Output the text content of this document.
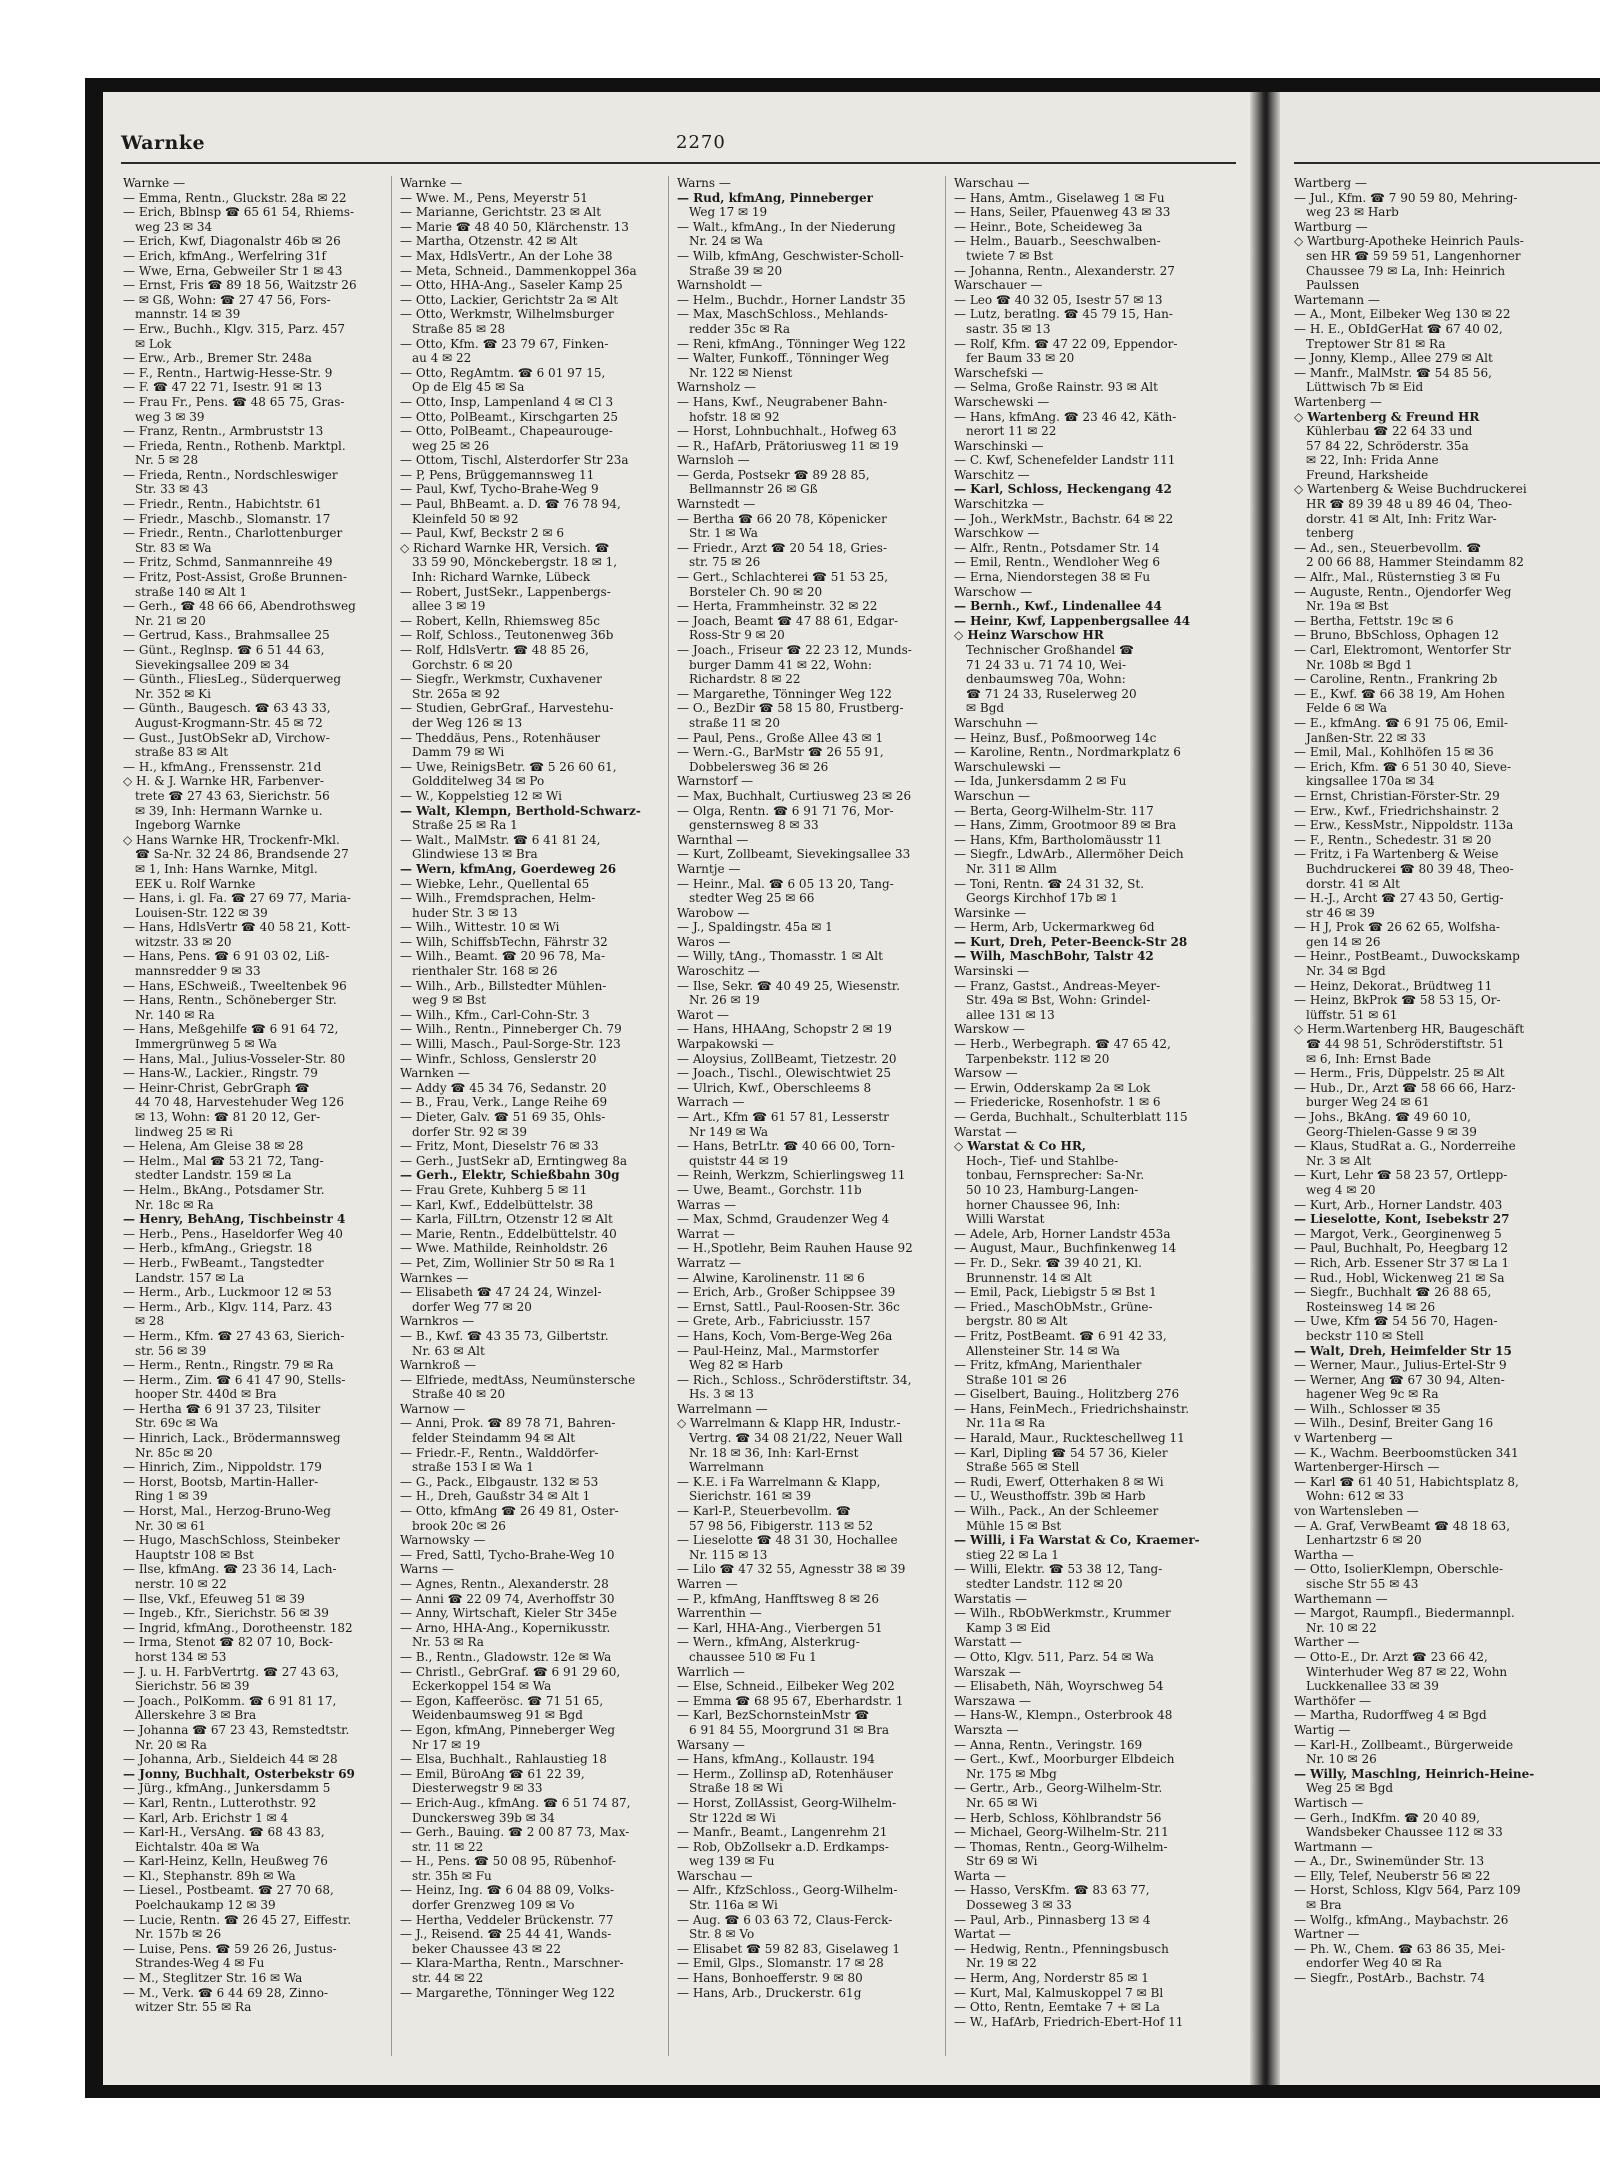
Warnke	2270
Warnke —
— Emma, Rentn., Gluckstr. 28a ✉ 22
— Erich, Bblnsp ☎ 65 61 54, Rhiems-
weg 23 ✉ 34
— Erich, Kwf, Diagonalstr 46b ✉ 26
— Erich, kfmAng., Werfelring 31f
— Wwe, Erna, Gebweiler Str 1 ✉ 43
— Ernst, Fris ☎ 89 18 56, Waitzstr 26
— ✉ Gß, Wohn: ☎ 27 47 56, Fors-
mannstr. 14 ✉ 39
— Erw., Buchh., Klgv. 315, Parz. 457
✉ Lok
— Erw., Arb., Bremer Str. 248a
— F., Rentn., Hartwig-Hesse-Str. 9
— F. ☎ 47 22 71, Isestr. 91 ✉ 13
— Frau Fr., Pens. ☎ 48 65 75, Gras-
weg 3 ✉ 39
— Franz, Rentn., Armbruststr 13
— Frieda, Rentn., Rothenb. Marktpl.
Nr. 5 ✉ 28
— Frieda, Rentn., Nordschleswiger
Str. 33 ✉ 43
— Friedr., Rentn., Habichtstr. 61
— Friedr., Maschb., Slomanstr. 17
— Friedr., Rentn., Charlottenburger
Str. 83 ✉ Wa
— Fritz, Schmd, Sanmannreihe 49
— Fritz, Post-Assist, Große Brunnen-
straße 140 ✉ Alt 1
— Gerh., ☎ 48 66 66, Abendrothsweg
Nr. 21 ✉ 20
— Gertrud, Kass., Brahmsallee 25
— Günt., Reglnsp. ☎ 6 51 44 63,
Sievekingsallee 209 ✉ 34
— Günth., FliesLeg., Süderquerweg
Nr. 352 ✉ Ki
— Günth., Baugesch. ☎ 63 43 33,
August-Krogmann-Str. 45 ✉ 72
— Gust., JustObSekr aD, Virchow-
straße 83 ✉ Alt
— H., kfmAng., Frenssenstr. 21d
◇ H. & J. Warnke HR, Farbenver-
trete ☎ 27 43 63, Sierichstr. 56
✉ 39, Inh: Hermann Warnke u.
Ingeborg Warnke
◇ Hans Warnke HR, Trockenfr-Mkl.
☎ Sa-Nr. 32 24 86, Brandsende 27
✉ 1, Inh: Hans Warnke, Mitgl.
EEK u. Rolf Warnke
— Hans, i. gl. Fa. ☎ 27 69 77, Maria-
Louisen-Str. 122 ✉ 39
— Hans, HdlsVertr ☎ 40 58 21, Kott-
witzstr. 33 ✉ 20
— Hans, Pens. ☎ 6 91 03 02, Liß-
mannsredder 9 ✉ 33
— Hans, ESchweiß., Tweeltenbek 96
— Hans, Rentn., Schöneberger Str.
Nr. 140 ✉ Ra
— Hans, Meßgehilfe ☎ 6 91 64 72,
Immergrünweg 5 ✉ Wa
— Hans, Mal., Julius-Vosseler-Str. 80
— Hans-W., Lackier., Ringstr. 79
— Heinr-Christ, GebrGraph ☎
44 70 48, Harvestehuder Weg 126
✉ 13, Wohn: ☎ 81 20 12, Ger-
lindweg 25 ✉ Ri
— Helena, Am Gleise 38 ✉ 28
— Helm., Mal ☎ 53 21 72, Tang-
stedter Landstr. 159 ✉ La
— Helm., BkAng., Potsdamer Str.
Nr. 18c ✉ Ra
— Henry, BehAng, Tischbeinstr 4
— Herb., Pens., Haseldorfer Weg 40
— Herb., kfmAng., Griegstr. 18
— Herb., FwBeamt., Tangstedter
Landstr. 157 ✉ La
— Herm., Arb., Luckmoor 12 ✉ 53
— Herm., Arb., Klgv. 114, Parz. 43
✉ 28
— Herm., Kfm. ☎ 27 43 63, Sierich-
str. 56 ✉ 39
— Herm., Rentn., Ringstr. 79 ✉ Ra
— Herm., Zim. ☎ 6 41 47 90, Stells-
hooper Str. 440d ✉ Bra
— Hertha ☎ 6 91 37 23, Tilsiter
Str. 69c ✉ Wa
— Hinrich, Lack., Brödermannsweg
Nr. 85c ✉ 20
— Hinrich, Zim., Nippoldstr. 179
— Horst, Bootsb, Martin-Haller-
Ring 1 ✉ 39
— Horst, Mal., Herzog-Bruno-Weg
Nr. 30 ✉ 61
— Hugo, MaschSchloss, Steinbeker
Hauptstr 108 ✉ Bst
— Ilse, kfmAng. ☎ 23 36 14, Lach-
nerstr. 10 ✉ 22
— Ilse, Vkf., Efeuweg 51 ✉ 39
— Ingeb., Kfr., Sierichstr. 56 ✉ 39
— Ingrid, kfmAng., Dorotheenstr. 182
— Irma, Stenot ☎ 82 07 10, Bock-
horst 134 ✉ 53
— J. u. H. FarbVertrtg. ☎ 27 43 63,
Sierichstr. 56 ✉ 39
— Joach., PolKomm. ☎ 6 91 81 17,
Allerskehre 3 ✉ Bra
— Johanna ☎ 67 23 43, Remstedtstr.
Nr. 20 ✉ Ra
— Johanna, Arb., Sieldeich 44 ✉ 28
— Jonny, Buchhalt, Osterbekstr 69
— Jürg., kfmAng., Junkersdamm 5
— Karl, Rentn., Lutterothstr. 92
— Karl, Arb. Erichstr 1 ✉ 4
— Karl-H., VersAng. ☎ 68 43 83,
Eichtalstr. 40a ✉ Wa
— Karl-Heinz, Kelln, Heußweg 76
— Kl., Stephanstr. 89h ✉ Wa
— Liesel., Postbeamt. ☎ 27 70 68,
Poelchaukamp 12 ✉ 39
— Lucie, Rentn. ☎ 26 45 27, Eiffestr.
Nr. 157b ✉ 26
— Luise, Pens. ☎ 59 26 26, Justus-
Strandes-Weg 4 ✉ Fu
— M., Steglitzer Str. 16 ✉ Wa
— M., Verk. ☎ 6 44 69 28, Zinno-
witzer Str. 55 ✉ Ra
Warnke —
— Wwe. M., Pens, Meyerstr 51
— Marianne, Gerichtstr. 23 ✉ Alt
— Marie ☎ 48 40 50, Klärchenstr. 13
— Martha, Otzenstr. 42 ✉ Alt
— Max, HdlsVertr., An der Lohe 38
— Meta, Schneid., Dammenkoppel 36a
— Otto, HHA-Ang., Saseler Kamp 25
— Otto, Lackier, Gerichtstr 2a ✉ Alt
— Otto, Werkmstr, Wilhelmsburger
Straße 85 ✉ 28
— Otto, Kfm. ☎ 23 79 67, Finken-
au 4 ✉ 22
— Otto, RegAmtm. ☎ 6 01 97 15,
Op de Elg 45 ✉ Sa
— Otto, Insp, Lampenland 4 ✉ Cl 3
— Otto, PolBeamt., Kirschgarten 25
— Otto, PolBeamt., Chapeaurouge-
weg 25 ✉ 26
— Ottom, Tischl, Alsterdorfer Str 23a
— P, Pens, Brüggemannsweg 11
— Paul, Kwf, Tycho-Brahe-Weg 9
— Paul, BhBeamt. a. D. ☎ 76 78 94,
Kleinfeld 50 ✉ 92
— Paul, Kwf, Beckstr 2 ✉ 6
◇ Richard Warnke HR, Versich. ☎
33 59 90, Mönckebergstr. 18 ✉ 1,
Inh: Richard Warnke, Lübeck
— Robert, JustSekr., Lappenbergs-
allee 3 ✉ 19
— Robert, Kelln, Rhiemsweg 85c
— Rolf, Schloss., Teutonenweg 36b
— Rolf, HdlsVertr. ☎ 48 85 26,
Gorchstr. 6 ✉ 20
— Siegfr., Werkmstr, Cuxhavener
Str. 265a ✉ 92
— Studien, GebrGraf., Harvestehu-
der Weg 126 ✉ 13
— Theddäus, Pens., Rotenhäuser
Damm 79 ✉ Wi
— Uwe, ReinigsBetr. ☎ 5 26 60 61,
Goldditelweg 34 ✉ Po
— W., Koppelstieg 12 ✉ Wi
— Walt, Klempn, Berthold-Schwarz-
Straße 25 ✉ Ra 1
— Walt., MalMstr. ☎ 6 41 81 24,
Glindwiese 13 ✉ Bra
— Wern, kfmAng, Goerdeweg 26
— Wiebke, Lehr., Quellental 65
— Wilh., Fremdsprachen, Helm-
huder Str. 3 ✉ 13
— Wilh., Wittestr. 10 ✉ Wi
— Wilh, SchiffsbTechn, Fährstr 32
— Wilh., Beamt. ☎ 20 96 78, Ma-
rienthaler Str. 168 ✉ 26
— Wilh., Arb., Billstedter Mühlen-
weg 9 ✉ Bst
— Wilh., Kfm., Carl-Cohn-Str. 3
— Wilh., Rentn., Pinneberger Ch. 79
— Willi, Masch., Paul-Sorge-Str. 123
— Winfr., Schloss, Genslerstr 20
Warnken —
— Addy ☎ 45 34 76, Sedanstr. 20
— B., Frau, Verk., Lange Reihe 69
— Dieter, Galv. ☎ 51 69 35, Ohls-
dorfer Str. 92 ✉ 39
— Fritz, Mont, Dieselstr 76 ✉ 33
— Gerh., JustSekr aD, Erntingweg 8a
— Gerh., Elektr, Schießbahn 30g
— Frau Grete, Kuhberg 5 ✉ 11
— Karl, Kwf., Eddelbüttelstr. 38
— Karla, FilLtrn, Otzenstr 12 ✉ Alt
— Marie, Rentn., Eddelbüttelstr. 40
— Wwe. Mathilde, Reinholdstr. 26
— Pet, Zim, Wollinier Str 50 ✉ Ra 1
Warnkes —
— Elisabeth ☎ 47 24 24, Winzel-
dorfer Weg 77 ✉ 20
Warnkros —
— B., Kwf. ☎ 43 35 73, Gilbertstr.
Nr. 63 ✉ Alt
Warnkroß —
— Elfriede, medtAss, Neumünstersche
Straße 40 ✉ 20
Warnow —
— Anni, Prok. ☎ 89 78 71, Bahren-
felder Steindamm 94 ✉ Alt
— Friedr.-F., Rentn., Walddörfer-
straße 153 I ✉ Wa 1
— G., Pack., Elbgaustr. 132 ✉ 53
— H., Dreh, Gaußstr 34 ✉ Alt 1
— Otto, kfmAng ☎ 26 49 81, Oster-
brook 20c ✉ 26
Warnowsky —
— Fred, Sattl, Tycho-Brahe-Weg 10
Warns —
— Agnes, Rentn., Alexanderstr. 28
— Anni ☎ 22 09 74, Averhoffstr 30
— Anny, Wirtschaft, Kieler Str 345e
— Arno, HHA-Ang., Kopernikusstr.
Nr. 53 ✉ Ra
— B., Rentn., Gladowstr. 12e ✉ Wa
— Christl., GebrGraf. ☎ 6 91 29 60,
Eckerkoppel 154 ✉ Wa
— Egon, Kaffeerösc. ☎ 71 51 65,
Weidenbaumsweg 91 ✉ Bgd
— Egon, kfmAng, Pinneberger Weg
Nr 17 ✉ 19
— Elsa, Buchhalt., Rahlaustieg 18
— Emil, BüroAng ☎ 61 22 39,
Diesterwegstr 9 ✉ 33
— Erich-Aug., kfmAng. ☎ 6 51 74 87,
Dunckersweg 39b ✉ 34
— Gerh., Bauing. ☎ 2 00 87 73, Max-
str. 11 ✉ 22
— H., Pens. ☎ 50 08 95, Rübenhof-
str. 35h ✉ Fu
— Heinz, Ing. ☎ 6 04 88 09, Volks-
dorfer Grenzweg 109 ✉ Vo
— Hertha, Veddeler Brückenstr. 77
— J., Reisend. ☎ 25 44 41, Wands-
beker Chaussee 43 ✉ 22
— Klara-Martha, Rentn., Marschner-
str. 44 ✉ 22
— Margarethe, Tönninger Weg 122
Warns —
— Rud, kfmAng, Pinneberger
Weg 17 ✉ 19
— Walt., kfmAng., In der Niederung
Nr. 24 ✉ Wa
— Wilb, kfmAng, Geschwister-Scholl-
Straße 39 ✉ 20
Warnsholdt —
— Helm., Buchdr., Horner Landstr 35
— Max, MaschSchloss., Mehlands-
redder 35c ✉ Ra
— Reni, kfmAng., Tönninger Weg 122
— Walter, Funkoff., Tönninger Weg
Nr. 122 ✉ Nienst
Warnsholz —
— Hans, Kwf., Neugrabener Bahn-
hofstr. 18 ✉ 92
— Horst, Lohnbuchhalt., Hofweg 63
— R., HafArb, Prätoriusweg 11 ✉ 19
Warnsloh —
— Gerda, Postsekr ☎ 89 28 85,
Bellmannstr 26 ✉ Gß
Warnstedt —
— Bertha ☎ 66 20 78, Köpenicker
Str. 1 ✉ Wa
— Friedr., Arzt ☎ 20 54 18, Gries-
str. 75 ✉ 26
— Gert., Schlachterei ☎ 51 53 25,
Borsteler Ch. 90 ✉ 20
— Herta, Frammheinstr. 32 ✉ 22
— Joach, Beamt ☎ 47 88 61, Edgar-
Ross-Str 9 ✉ 20
— Joach., Friseur ☎ 22 23 12, Munds-
burger Damm 41 ✉ 22, Wohn:
Richardstr. 8 ✉ 22
— Margarethe, Tönninger Weg 122
— O., BezDir ☎ 58 15 80, Frustberg-
straße 11 ✉ 20
— Paul, Pens., Große Allee 43 ✉ 1
— Wern.-G., BarMstr ☎ 26 55 91,
Dobbelersweg 36 ✉ 26
Warnstorf —
— Max, Buchhalt, Curtiusweg 23 ✉ 26
— Olga, Rentn. ☎ 6 91 71 76, Mor-
gensternsweg 8 ✉ 33
Warnthal —
— Kurt, Zollbeamt, Sievekingsallee 33
Warntje —
— Heinr., Mal. ☎ 6 05 13 20, Tang-
stedter Weg 25 ✉ 66
Warobow —
— J., Spaldingstr. 45a ✉ 1
Waros —
— Willy, tAng., Thomasstr. 1 ✉ Alt
Waroschitz —
— Ilse, Sekr. ☎ 40 49 25, Wiesenstr.
Nr. 26 ✉ 19
Warot —
— Hans, HHAAng, Schopstr 2 ✉ 19
Warpakowski —
— Aloysius, ZollBeamt, Tietzestr. 20
— Joach., Tischl., Olewischtwiet 25
— Ulrich, Kwf., Oberschleems 8
Warrach —
— Art., Kfm ☎ 61 57 81, Lesserstr
Nr 149 ✉ Wa
— Hans, BetrLtr. ☎ 40 66 00, Torn-
quiststr 44 ✉ 19
— Reinh, Werkzm, Schierlingsweg 11
— Uwe, Beamt., Gorchstr. 11b
Warras —
— Max, Schmd, Graudenzer Weg 4
Warrat —
— H.,Spotlehr, Beim Rauhen Hause 92
Warratz —
— Alwine, Karolinenstr. 11 ✉ 6
— Erich, Arb., Großer Schippsee 39
— Ernst, Sattl., Paul-Roosen-Str. 36c
— Grete, Arb., Fabriciusstr. 157
— Hans, Koch, Vom-Berge-Weg 26a
— Paul-Heinz, Mal., Marmstorfer
Weg 82 ✉ Harb
— Rich., Schloss., Schröderstiftstr. 34,
Hs. 3 ✉ 13
Warrelmann —
◇ Warrelmann & Klapp HR, Industr.-
Vertrg. ☎ 34 08 21/22, Neuer Wall
Nr. 18 ✉ 36, Inh: Karl-Ernst
Warrelmann
— K.E. i Fa Warrelmann & Klapp,
Sierichstr. 161 ✉ 39
— Karl-P., Steuerbevollm. ☎
57 98 56, Fibigerstr. 113 ✉ 52
— Lieselotte ☎ 48 31 30, Hochallee
Nr. 115 ✉ 13
— Lilo ☎ 47 32 55, Agnesstr 38 ✉ 39
Warren —
— P., kfmAng, Hanfftsweg 8 ✉ 26
Warrenthin —
— Karl, HHA-Ang., Vierbergen 51
— Wern., kfmAng, Alsterkrug-
chaussee 510 ✉ Fu 1
Warrlich —
— Else, Schneid., Eilbeker Weg 202
— Emma ☎ 68 95 67, Eberhardstr. 1
— Karl, BezSchornsteinMstr ☎
6 91 84 55, Moorgrund 31 ✉ Bra
Warsany —
— Hans, kfmAng., Kollaustr. 194
— Herm., Zollinsp aD, Rotenhäuser
Straße 18 ✉ Wi
— Horst, ZollAssist, Georg-Wilhelm-
Str 122d ✉ Wi
— Manfr., Beamt., Langenrehm 21
— Rob, ObZollsekr a.D. Erdkamps-
weg 139 ✉ Fu
Warschau —
— Alfr., KfzSchloss., Georg-Wilhelm-
Str. 116a ✉ Wi
— Aug. ☎ 6 03 63 72, Claus-Ferck-
Str. 8 ✉ Vo
— Elisabet ☎ 59 82 83, Giselaweg 1
— Emil, Glps., Slomanstr. 17 ✉ 28
— Hans, Bonhoefferstr. 9 ✉ 80
— Hans, Arb., Druckerstr. 61g
Warschau —
— Hans, Amtm., Giselaweg 1 ✉ Fu
— Hans, Seiler, Pfauenweg 43 ✉ 33
— Heinr., Bote, Scheideweg 3a
— Helm., Bauarb., Seeschwalben-
twiete 7 ✉ Bst
— Johanna, Rentn., Alexanderstr. 27
Warschauer —
— Leo ☎ 40 32 05, Isestr 57 ✉ 13
— Lutz, beratlng. ☎ 45 79 15, Han-
sastr. 35 ✉ 13
— Rolf, Kfm. ☎ 47 22 09, Eppendor-
fer Baum 33 ✉ 20
Warschefski —
— Selma, Große Rainstr. 93 ✉ Alt
Warschewski —
— Hans, kfmAng. ☎ 23 46 42, Käth-
nerort 11 ✉ 22
Warschinski —
— C. Kwf, Schenefelder Landstr 111
Warschitz —
— Karl, Schloss, Heckengang 42
Warschitzka —
— Joh., WerkMstr., Bachstr. 64 ✉ 22
Warschkow —
— Alfr., Rentn., Potsdamer Str. 14
— Emil, Rentn., Wendloher Weg 6
— Erna, Niendorstegen 38 ✉ Fu
Warschow —
— Bernh., Kwf., Lindenallee 44
— Heinr, Kwf, Lappenbergsallee 44
◇ Heinz Warschow HR
Technischer Großhandel ☎
71 24 33 u. 71 74 10, Wei-
denbaumsweg 70a, Wohn:
☎ 71 24 33, Ruselerweg 20
✉ Bgd
Warschuhn —
— Heinz, Busf., Poßmoorweg 14c
— Karoline, Rentn., Nordmarkplatz 6
Warschulewski —
— Ida, Junkersdamm 2 ✉ Fu
Warschun —
— Berta, Georg-Wilhelm-Str. 117
— Hans, Zimm, Grootmoor 89 ✉ Bra
— Hans, Kfm, Bartholomäusstr 11
— Siegfr., LdwArb., Allermöher Deich
Nr. 311 ✉ Allm
— Toni, Rentn. ☎ 24 31 32, St.
Georgs Kirchhof 17b ✉ 1
Warsinke —
— Herm, Arb, Uckermarkweg 6d
— Kurt, Dreh, Peter-Beenck-Str 28
— Wilh, MaschBohr, Talstr 42
Warsinski —
— Franz, Gastst., Andreas-Meyer-
Str. 49a ✉ Bst, Wohn: Grindel-
allee 131 ✉ 13
Warskow —
— Herb., Werbegraph. ☎ 47 65 42,
Tarpenbekstr. 112 ✉ 20
Warsow —
— Erwin, Odderskamp 2a ✉ Lok
— Friedericke, Rosenhofstr. 1 ✉ 6
— Gerda, Buchhalt., Schulterblatt 115
Warstat —
◇ Warstat & Co HR,
Hoch-, Tief- und Stahlbe-
tonbau, Fernsprecher: Sa-Nr.
50 10 23, Hamburg-Langen-
horner Chaussee 96, Inh:
Willi Warstat
— Adele, Arb, Horner Landstr 453a
— August, Maur., Buchfinkenweg 14
— Fr. D., Sekr. ☎ 39 40 21, Kl.
Brunnenstr. 14 ✉ Alt
— Emil, Pack, Liebigstr 5 ✉ Bst 1
— Fried., MaschObMstr., Grüne-
bergstr. 80 ✉ Alt
— Fritz, PostBeamt. ☎ 6 91 42 33,
Allensteiner Str. 14 ✉ Wa
— Fritz, kfmAng, Marienthaler
Straße 101 ✉ 26
— Giselbert, Bauing., Holitzberg 276
— Hans, FeinMech., Friedrichshainstr.
Nr. 11a ✉ Ra
— Harald, Maur., Ruckteschellweg 11
— Karl, Dipling ☎ 54 57 36, Kieler
Straße 565 ✉ Stell
— Rudi, Ewerf, Otterhaken 8 ✉ Wi
— U., Weusthoffstr. 39b ✉ Harb
— Wilh., Pack., An der Schleemer
Mühle 15 ✉ Bst
— Willi, i Fa Warstat & Co, Kraemer-
stieg 22 ✉ La 1
— Willi, Elektr. ☎ 53 38 12, Tang-
stedter Landstr. 112 ✉ 20
Warstatis —
— Wilh., RbObWerkmstr., Krummer
Kamp 3 ✉ Eid
Warstatt —
— Otto, Klgv. 511, Parz. 54 ✉ Wa
Warszak —
— Elisabeth, Näh, Woyrschweg 54
Warszawa —
— Hans-W., Klempn., Osterbrook 48
Warszta —
— Anna, Rentn., Veringstr. 169
— Gert., Kwf., Moorburger Elbdeich
Nr. 175 ✉ Mbg
— Gertr., Arb., Georg-Wilhelm-Str.
Nr. 65 ✉ Wi
— Herb, Schloss, Köhlbrandstr 56
— Michael, Georg-Wilhelm-Str. 211
— Thomas, Rentn., Georg-Wilhelm-
Str 69 ✉ Wi
Warta —
— Hasso, VersKfm. ☎ 83 63 77,
Dosseweg 3 ✉ 33
— Paul, Arb., Pinnasberg 13 ✉ 4
Wartat —
— Hedwig, Rentn., Pfenningsbusch
Nr. 19 ✉ 22
— Herm, Ang, Norderstr 85 ✉ 1
— Kurt, Mal, Kalmuskoppel 7 ✉ Bl
— Otto, Rentn, Eemtake 7 + ✉ La
— W., HafArb, Friedrich-Ebert-Hof 11
Wartberg —
— Jul., Kfm. ☎ 7 90 59 80, Mehring-
weg 23 ✉ Harb
Wartburg —
◇ Wartburg-Apotheke Heinrich Pauls-
sen HR ☎ 59 59 51, Langenhorner
Chaussee 79 ✉ La, Inh: Heinrich
Paulssen
Wartemann —
— A., Mont, Eilbeker Weg 130 ✉ 22
— H. E., ObIdGerHat ☎ 67 40 02,
Treptower Str 81 ✉ Ra
— Jonny, Klemp., Allee 279 ✉ Alt
— Manfr., MalMstr. ☎ 54 85 56,
Lüttwisch 7b ✉ Eid
Wartenberg —
◇ Wartenberg & Freund HR
Kühlerbau ☎ 22 64 33 und
57 84 22, Schröderstr. 35a
✉ 22, Inh: Frida Anne
Freund, Harksheide
◇ Wartenberg & Weise Buchdruckerei
HR ☎ 89 39 48 u 89 46 04, Theo-
dorstr. 41 ✉ Alt, Inh: Fritz War-
tenberg
— Ad., sen., Steuerbevollm. ☎
2 00 66 88, Hammer Steindamm 82
— Alfr., Mal., Rüsternstieg 3 ✉ Fu
— Auguste, Rentn., Ojendorfer Weg
Nr. 19a ✉ Bst
— Bertha, Fettstr. 19c ✉ 6
— Bruno, BbSchloss, Ophagen 12
— Carl, Elektromont, Wentorfer Str
Nr. 108b ✉ Bgd 1
— Caroline, Rentn., Frankring 2b
— E., Kwf. ☎ 66 38 19, Am Hohen
Felde 6 ✉ Wa
— E., kfmAng. ☎ 6 91 75 06, Emil-
Janßen-Str. 22 ✉ 33
— Emil, Mal., Kohlhöfen 15 ✉ 36
— Erich, Kfm. ☎ 6 51 30 40, Sieve-
kingsallee 170a ✉ 34
— Ernst, Christian-Förster-Str. 29
— Erw., Kwf., Friedrichshainstr. 2
— Erw., KessMstr., Nippoldstr. 113a
— F., Rentn., Schedestr. 31 ✉ 20
— Fritz, i Fa Wartenberg & Weise
Buchdruckerei ☎ 80 39 48, Theo-
dorstr. 41 ✉ Alt
— H.-J., Archt ☎ 27 43 50, Gertig-
str 46 ✉ 39
— H J, Prok ☎ 26 62 65, Wolfsha-
gen 14 ✉ 26
— Heinr., PostBeamt., Duwockskamp
Nr. 34 ✉ Bgd
— Heinz, Dekorat., Brüdtweg 11
— Heinz, BkProk ☎ 58 53 15, Or-
lüffstr. 51 ✉ 61
◇ Herm.Wartenberg HR, Baugeschäft
☎ 44 98 51, Schröderstiftstr. 51
✉ 6, Inh: Ernst Bade
— Herm., Fris, Düppelstr. 25 ✉ Alt
— Hub., Dr., Arzt ☎ 58 66 66, Harz-
burger Weg 24 ✉ 61
— Johs., BkAng. ☎ 49 60 10,
Georg-Thielen-Gasse 9 ✉ 39
— Klaus, StudRat a. G., Norderreihe
Nr. 3 ✉ Alt
— Kurt, Lehr ☎ 58 23 57, Ortlepp-
weg 4 ✉ 20
— Kurt, Arb., Horner Landstr. 403
— Lieselotte, Kont, Isebekstr 27
— Margot, Verk., Georginenweg 5
— Paul, Buchhalt, Po, Heegbarg 12
— Rich, Arb. Essener Str 37 ✉ La 1
— Rud., Hobl, Wickenweg 21 ✉ Sa
— Siegfr., Buchhalt ☎ 26 88 65,
Rosteinsweg 14 ✉ 26
— Uwe, Kfm ☎ 54 56 70, Hagen-
beckstr 110 ✉ Stell
— Walt, Dreh, Heimfelder Str 15
— Werner, Maur., Julius-Ertel-Str 9
— Werner, Ang ☎ 67 30 94, Alten-
hagener Weg 9c ✉ Ra
— Wilh., Schlosser ✉ 35
— Wilh., Desinf, Breiter Gang 16
v Wartenberg —
— K., Wachm. Beerboomstücken 341
Wartenberger-Hirsch —
— Karl ☎ 61 40 51, Habichtsplatz 8,
Wohn: 612 ✉ 33
von Wartensleben —
— A. Graf, VerwBeamt ☎ 48 18 63,
Lenhartzstr 6 ✉ 20
Wartha —
— Otto, IsolierKlempn, Oberschle-
sische Str 55 ✉ 43
Warthemann —
— Margot, Raumpfl., Biedermannpl.
Nr. 10 ✉ 22
Warther —
— Otto-E., Dr. Arzt ☎ 23 66 42,
Winterhuder Weg 87 ✉ 22, Wohn
Luckkenallee 33 ✉ 39
Warthöfer —
— Martha, Rudorffweg 4 ✉ Bgd
Wartig —
— Karl-H., Zollbeamt., Bürgerweide
Nr. 10 ✉ 26
— Willy, Maschlng, Heinrich-Heine-
Weg 25 ✉ Bgd
Wartisch —
— Gerh., IndKfm. ☎ 20 40 89,
Wandsbeker Chaussee 112 ✉ 33
Wartmann —
— A., Dr., Swinemünder Str. 13
— Elly, Telef, Neuberstr 56 ✉ 22
— Horst, Schloss, Klgv 564, Parz 109
✉ Bra
— Wolfg., kfmAng., Maybachstr. 26
Wartner —
— Ph. W., Chem. ☎ 63 86 35, Mei-
endorfer Weg 40 ✉ Ra
— Siegfr., PostArb., Bachstr. 74
